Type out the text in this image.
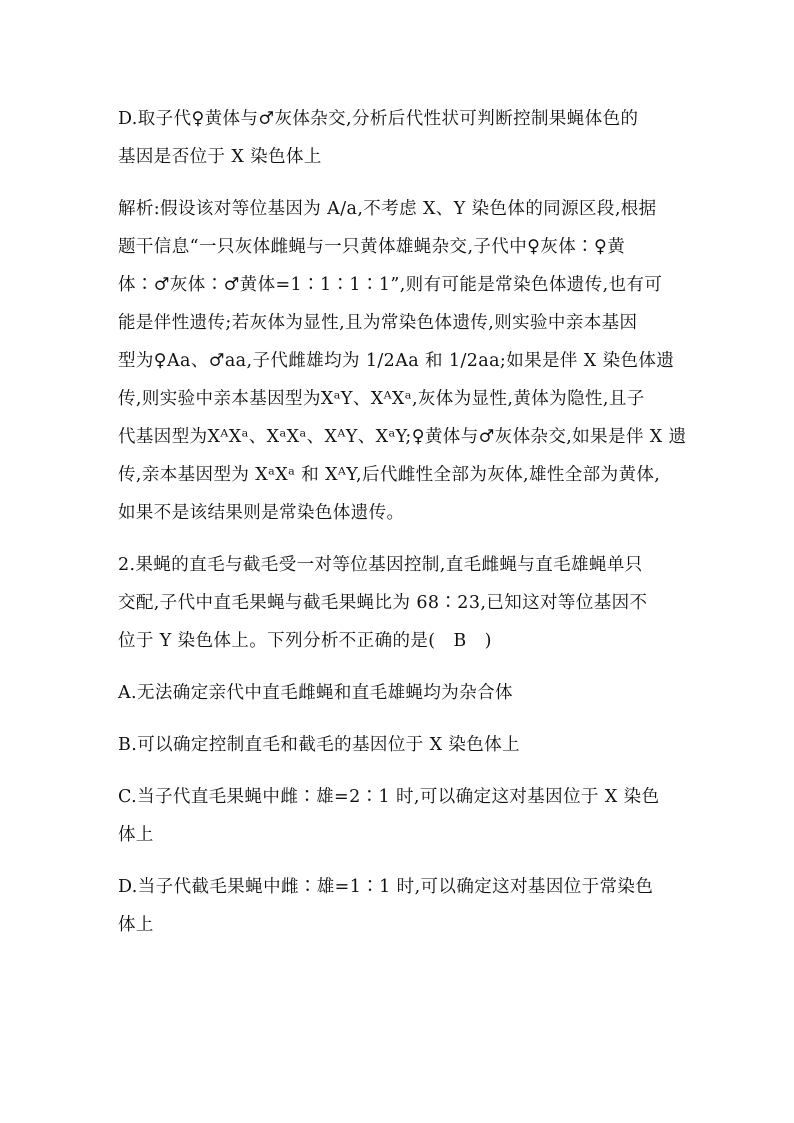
D.取子代♀黄体与♂灰体杂交,分析后代性状可判断控制果蝇体色的
基因是否位于 X 染色体上

解析:假设该对等位基因为 A/a,不考虑 X、Y 染色体的同源区段,根据
题干信息“一只灰体雌蝇与一只黄体雄蝇杂交,子代中♀灰体∶♀黄
体∶♂灰体∶♂黄体=1∶1∶1∶1”,则有可能是常染色体遗传,也有可
能是伴性遗传;若灰体为显性,且为常染色体遗传,则实验中亲本基因
型为♀Aa、♂aa,子代雌雄均为 1/2Aa 和 1/2aa;如果是伴 X 染色体遗
传,则实验中亲本基因型为XᵃY、XᴬXᵃ,灰体为显性,黄体为隐性,且子
代基因型为XᴬXᵃ、XᵃXᵃ、XᴬY、XᵃY;♀黄体与♂灰体杂交,如果是伴 X 遗
传,亲本基因型为 XᵃXᵃ 和 XᴬY,后代雌性全部为灰体,雄性全部为黄体,
如果不是该结果则是常染色体遗传。

2.果蝇的直毛与截毛受一对等位基因控制,直毛雌蝇与直毛雄蝇单只
交配,子代中直毛果蝇与截毛果蝇比为 68∶23,已知这对等位基因不
位于 Y 染色体上。下列分析不正确的是(　B　)

A.无法确定亲代中直毛雌蝇和直毛雄蝇均为杂合体

B.可以确定控制直毛和截毛的基因位于 X 染色体上

C.当子代直毛果蝇中雌∶雄=2∶1 时,可以确定这对基因位于 X 染色
体上

D.当子代截毛果蝇中雌∶雄=1∶1 时,可以确定这对基因位于常染色
体上
